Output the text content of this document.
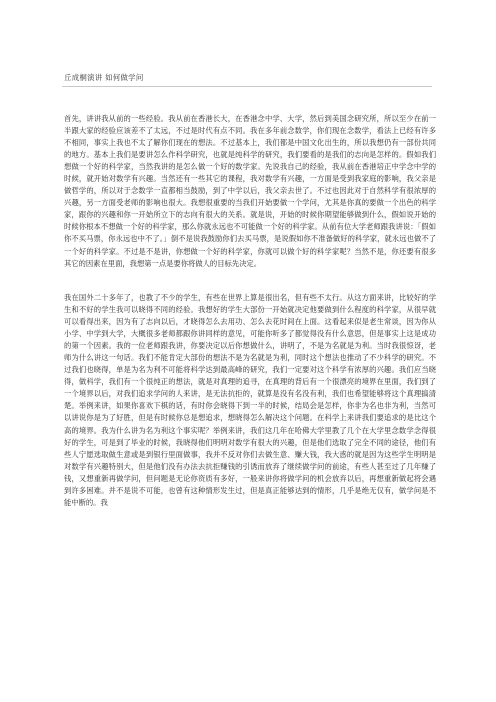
丘成桐演讲 如何做学问

首先，讲讲我从前的一些经验。我从前在香港长大，在香港念中学、大学，然后到美国念研究所，所以至少在前一半跟大家的经验应该差不了太远，不过是时代有点不同。我在多年前念数学，你们现在念数学，看法上已经有许多不相同，事实上我也不太了解你们现在的想法。不过基本上，我们都是中国文化出生的，所以我想仍有一部份共同的地方。基本上我们是要讲怎么作科学研究，也就是纯科学的研究，我们要看的是我们的志向是怎样的。假如我们想做一个好的科学家，当然我讲的是怎么做一个好的数学家。先说我自己的经验，我从前在香港培正中学念中学的时候，就开始对数学有兴趣。当然还有一些其它的课程，我对数学有兴趣，一方面是受到我家庭的影响，我父亲是做哲学的，所以对于念数学一直都相当鼓励，到了中学以后，我父亲去世了。不过也因此对于自然科学有很浓厚的兴趣，另一方面受老师的影响也很大。我想很重要的当我们开始要做一个学问，尤其是你真的要做一个出色的科学家，跟你的兴趣和你一开始所立下的志向有很大的关系。就是说，开始的时候你期望能够做到什么，假如说开始的时候你根本不想做一个好的科学家，那么你就永远也不可能做一个好的科学家。从前有位大学老师跟我讲说：「假如你不买马票，你永远也中不了。」倒不是说我鼓励你们去买马票，是说假如你不准备做好的科学家，就永远也做不了一个好的科学家。不过是不是讲，你想做一个好的科学家，你就可以做个好的科学家呢？当然不是，你还要有很多其它的因素在里面，我想第一点是要你将做人的目标先决定。

我在国外二十多年了，也教了不少的学生，有些在世界上算是很出名，但有些不太行。从这方面来讲，比较好的学生和不好的学生我可以晓得不同的经验。我想好的学生大部份一开始就决定他要做到什么程度的科学家，从很早就可以看得出来，因为有了志向以后，才晓得怎么去用功、怎么去花时间在上面。这看起来似是老生常谈，因为你从小学、中学到大学，大概很多老师都跟你讲同样的意见，可能你听多了都觉得没有什么意思，但是事实上这是成功的第一个因素。我的一位老师跟我讲，你要决定以后你想做什么，讲明了，不是为名就是为利。当时我很惊讶，老师为什么讲这一句话。我们不能肯定大部份的想法不是为名就是为利，同时这个想法也推动了不少科学的研究。不过我们也晓得，单是为名为利不可能将科学达到最高峰的研究，我们一定要对这个科学有浓厚的兴趣。我们应当晓得，做科学，我们有一个很纯正的想法，就是对真理的追寻，在真理的背后有一个很漂亮的境界在里面，我们到了一个境界以后，对我们追求学问的人来讲，是无法抗拒的，就算是没有名没有利，我们也希望能够将这个真理搞清楚。举例来讲，如果你喜欢下棋的话，有时你会晓得下到一半的时候，结局会是怎样，你非为名也非为利，当然可以讲说你是为了好胜，但是有时候你总是想追求，想晓得怎么解决这个问题。在科学上来讲我们要追求的是比这个高的境界。我为什么讲为名为利这个事实呢？举例来讲，我们这几年在哈佛大学里教了几个在大学里念数学念得很好的学生，可是到了毕业的时候，我晓得他们明明对数学有很大的兴趣，但是他们选取了完全不同的途径，他们有些人宁愿选取做生意或是到银行里面做事，我并不反对你们去做生意、赚大钱，我大惑的就是因为这些学生明明是对数学有兴趣特别大，但是他们没有办法去抗拒赚钱的引诱而放弃了继续做学问的前途，有些人甚至过了几年赚了钱，又想重新再做学问，但问题是无论你资质有多好，一般来讲你将做学问的机会放弃以后，再想重新做起将会遇到许多困难。并不是说不可能，也曾有这种情形发生过，但是真正能够达到的情形，几乎是绝无仅有，做学问是不能中断的。我
